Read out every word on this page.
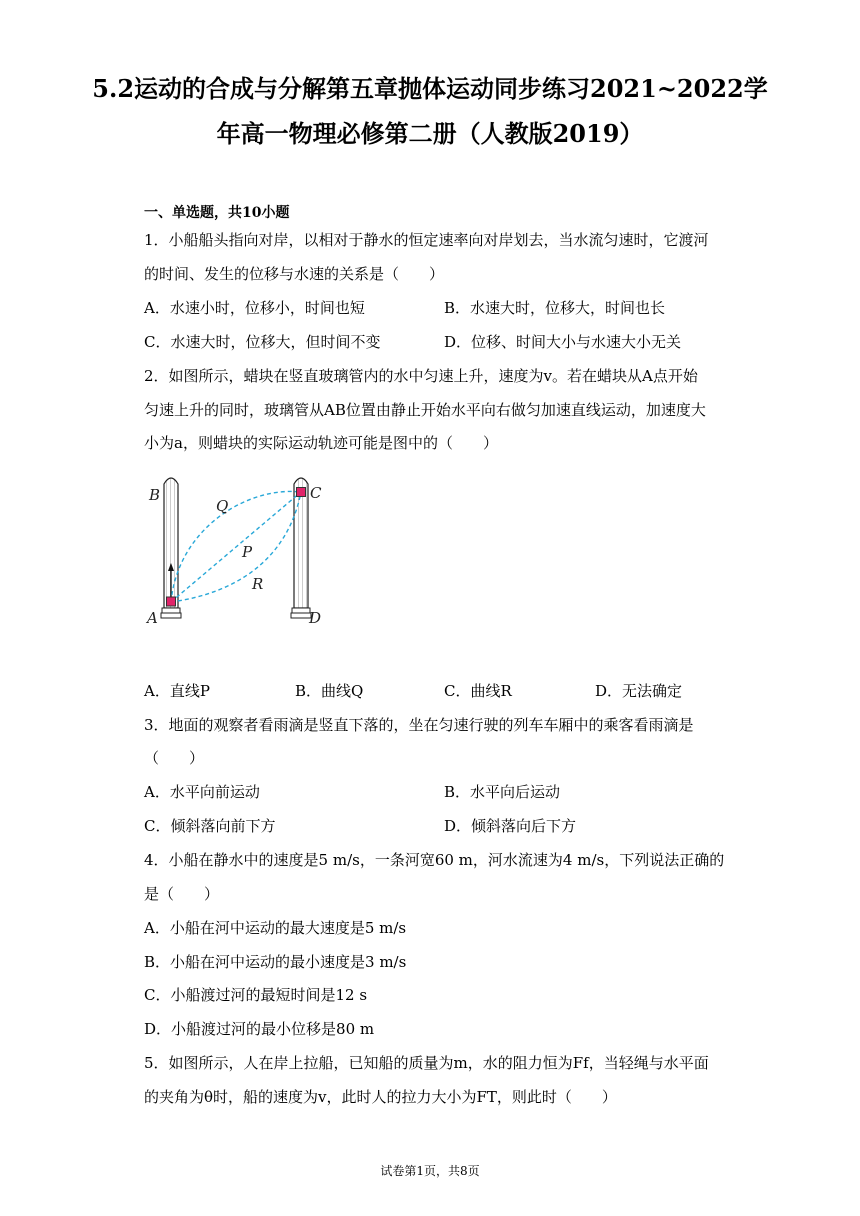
5.2运动的合成与分解第五章抛体运动同步练习2021~2022学
年高一物理必修第二册（人教版2019）
一、单选题，共10小题
1．小船船头指向对岸，以相对于静水的恒定速率向对岸划去，当水流匀速时，它渡河
的时间、发生的位移与水速的关系是（　　）
A．水速小时，位移小，时间也短	B．水速大时，位移大，时间也长
C．水速大时，位移大，但时间不变	D．位移、时间大小与水速大小无关
2．如图所示，蜡块在竖直玻璃管内的水中匀速上升，速度为v。若在蜡块从A点开始
匀速上升的同时，玻璃管从AB位置由静止开始水平向右做匀加速直线运动，加速度大
小为a，则蜡块的实际运动轨迹可能是图中的（　　）
B	C
A	D
Q
P
R
A．直线P	B．曲线Q	C．曲线R	D．无法确定
3．地面的观察者看雨滴是竖直下落的，坐在匀速行驶的列车车厢中的乘客看雨滴是
（　　）
A．水平向前运动	B．水平向后运动
C．倾斜落向前下方	D．倾斜落向后下方
4．小船在静水中的速度是5 m/s，一条河宽60 m，河水流速为4 m/s，下列说法正确的
是（　　）
A．小船在河中运动的最大速度是5 m/s
B．小船在河中运动的最小速度是3 m/s
C．小船渡过河的最短时间是12 s
D．小船渡过河的最小位移是80 m
5．如图所示，人在岸上拉船，已知船的质量为m，水的阻力恒为Ff，当轻绳与水平面
的夹角为θ时，船的速度为v，此时人的拉力大小为FT，则此时（　　）
试卷第1页，共8页
